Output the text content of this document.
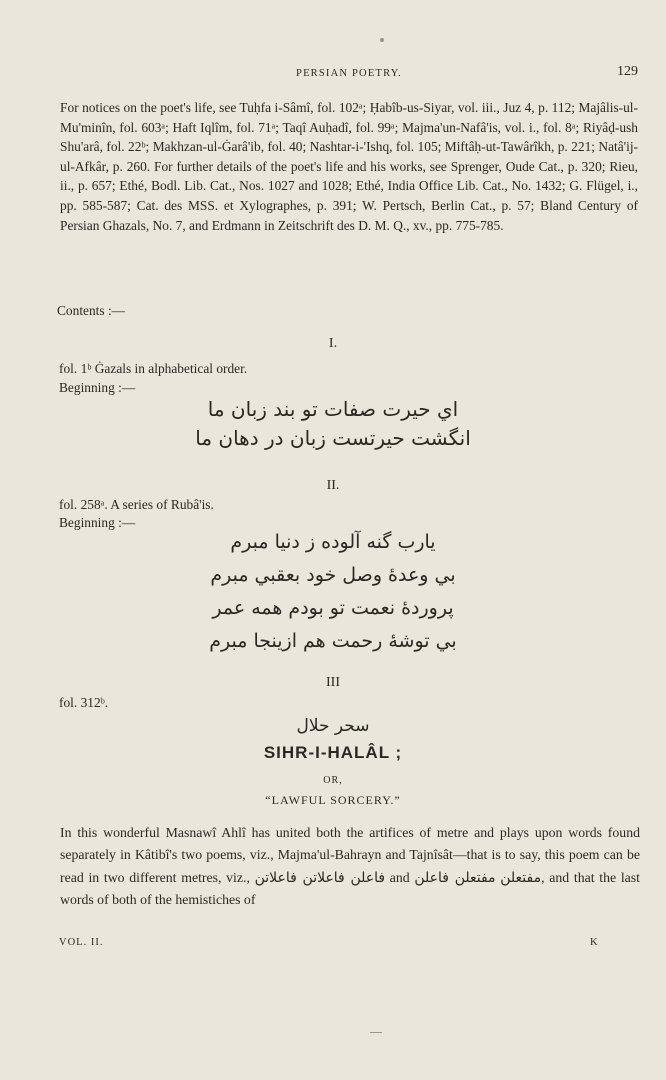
PERSIAN POETRY.	129

For notices on the poet's life, see Tuḥfa i-Sâmî, fol. 102ᵃ; Ḥabîb-us-Siyar, vol. iii., Juz 4, p. 112; Majâlis-ul-Mu'minîn, fol. 603ᵃ; Haft Iqlîm, fol. 71ᵃ; Taqî Auḥadî, fol. 99ᵃ; Majma'un-Nafâ'is, vol. i., fol. 8ᵃ; Riyâḍ-ush Shu'arâ, fol. 22ᵇ; Makhzan-ul-Ġarâ'ib, fol. 40; Nashtar-i-'Ishq, fol. 105; Miftâḥ-ut-Tawârîkh, p. 221; Natâ'ij-ul-Afkâr, p. 260. For further details of the poet's life and his works, see Sprenger, Oude Cat., p. 320; Rieu, ii., p. 657; Ethé, Bodl. Lib. Cat., Nos. 1027 and 1028; Ethé, India Office Lib. Cat., No. 1432; G. Flügel, i., pp. 585-587; Cat. des MSS. et Xylographes, p. 391; W. Pertsch, Berlin Cat., p. 57; Bland Century of Persian Ghazals, No. 7, and Erdmann in Zeitschrift des D. M. Q., xv., pp. 775-785.

Contents :—
I.
fol. 1ᵇ Ġazals in alphabetical order.
Beginning :—
اي حيرت صفات تو بند زبان ما
انگشت حيرتست زبان در دهان ما
II.
fol. 258ᵃ. A series of Rubâ'is.
Beginning :—
يارب گنه آلوده ز دنيا مبرم
بي وعدهٔ وصل خود بعقبي مبرم
پروردهٔ نعمت تو بودم همه عمر
بي توشهٔ رحمت هم ازينجا مبرم
III
fol. 312ᵇ.
سحر حلال
SIHR-I-HALÂL ;
OR,
“LAWFUL SORCERY.”

In this wonderful Masnawî Ahlî has united both the artifices of metre and plays upon words found separately in Kâtibî's two poems, viz., Majma'ul-Bahrayn and Tajnîsât—that is to say, this poem can be read in two different metres, viz., فاعلن فاعلاتن فاعلاتن and	مفتعلن مفتعلن فاعلن	, and that the last words of both of the hemistiches of

VOL. II.	K
